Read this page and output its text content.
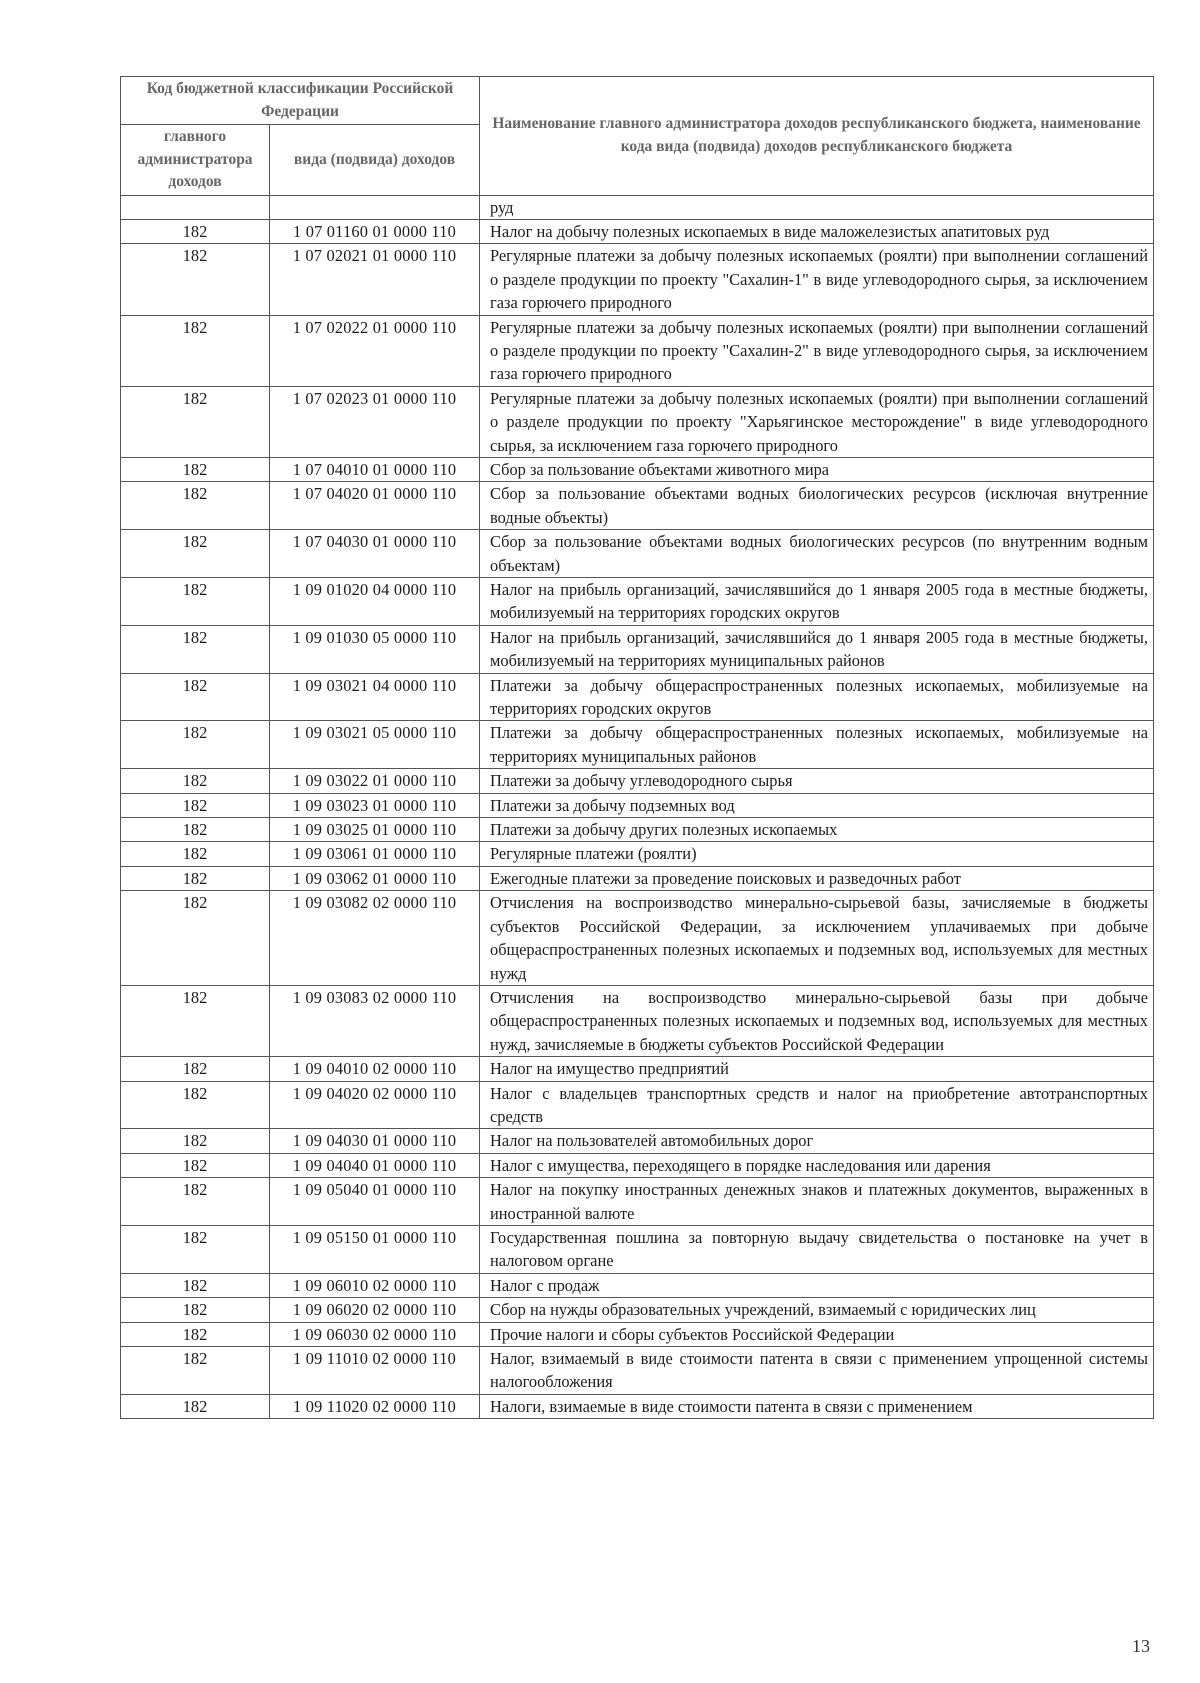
Код бюджетной классификации Российской Федерации		Наименование главного администратора доходов республиканского бюджета, наименование кода вида (подвида) доходов республиканского бюджета
главного администратора доходов	вида (подвида) доходов	
		руд
182	1 07 01160 01 0000 110	Налог на добычу полезных ископаемых в виде маложелезистых апатитовых руд
182	1 07 02021 01 0000 110	Регулярные платежи за добычу полезных ископаемых (роялти) при выполнении соглашений о разделе продукции по проекту "Сахалин-1" в виде углеводородного сырья, за исключением газа горючего природного
182	1 07 02022 01 0000 110	Регулярные платежи за добычу полезных ископаемых (роялти) при выполнении соглашений о разделе продукции по проекту "Сахалин-2" в виде углеводородного сырья, за исключением газа горючего природного
182	1 07 02023 01 0000 110	Регулярные платежи за добычу полезных ископаемых (роялти) при выполнении соглашений о разделе продукции по проекту "Харьягинское месторождение" в виде углеводородного сырья, за исключением газа горючего природного
182	1 07 04010 01 0000 110	Сбор за пользование объектами животного мира
182	1 07 04020 01 0000 110	Сбор за пользование объектами водных биологических ресурсов (исключая внутренние водные объекты)
182	1 07 04030 01 0000 110	Сбор за пользование объектами водных биологических ресурсов (по внутренним водным объектам)
182	1 09 01020 04 0000 110	Налог на прибыль организаций, зачислявшийся до 1 января 2005 года в местные бюджеты, мобилизуемый на территориях городских округов
182	1 09 01030 05 0000 110	Налог на прибыль организаций, зачислявшийся до 1 января 2005 года в местные бюджеты, мобилизуемый на территориях муниципальных районов
182	1 09 03021 04 0000 110	Платежи за добычу общераспространенных полезных ископаемых, мобилизуемые на территориях городских округов
182	1 09 03021 05 0000 110	Платежи за добычу общераспространенных полезных ископаемых, мобилизуемые на территориях муниципальных районов
182	1 09 03022 01 0000 110	Платежи за добычу углеводородного сырья
182	1 09 03023 01 0000 110	Платежи за добычу подземных вод
182	1 09 03025 01 0000 110	Платежи за добычу других полезных ископаемых
182	1 09 03061 01 0000 110	Регулярные платежи (роялти)
182	1 09 03062 01 0000 110	Ежегодные платежи за проведение поисковых и разведочных работ
182	1 09 03082 02 0000 110	Отчисления на воспроизводство минерально-сырьевой базы, зачисляемые в бюджеты субъектов Российской Федерации, за исключением уплачиваемых при добыче общераспространенных полезных ископаемых и подземных вод, используемых для местных нужд
182	1 09 03083 02 0000 110	Отчисления на воспроизводство минерально-сырьевой базы при добыче общераспространенных полезных ископаемых и подземных вод, используемых для местных нужд, зачисляемые в бюджеты субъектов Российской Федерации
182	1 09 04010 02 0000 110	Налог на имущество предприятий
182	1 09 04020 02 0000 110	Налог с владельцев транспортных средств и налог на приобретение автотранспортных средств
182	1 09 04030 01 0000 110	Налог на пользователей автомобильных дорог
182	1 09 04040 01 0000 110	Налог с имущества, переходящего в порядке наследования или дарения
182	1 09 05040 01 0000 110	Налог на покупку иностранных денежных знаков и платежных документов, выраженных в иностранной валюте
182	1 09 05150 01 0000 110	Государственная пошлина за повторную выдачу свидетельства о постановке на учет в налоговом органе
182	1 09 06010 02 0000 110	Налог с продаж
182	1 09 06020 02 0000 110	Сбор на нужды образовательных учреждений, взимаемый с юридических лиц
182	1 09 06030 02 0000 110	Прочие налоги и сборы субъектов Российской Федерации
182	1 09 11010 02 0000 110	Налог, взимаемый в виде стоимости патента в связи с применением упрощенной системы налогообложения
182	1 09 11020 02 0000 110	Налоги, взимаемые в виде стоимости патента в связи с применением
13
